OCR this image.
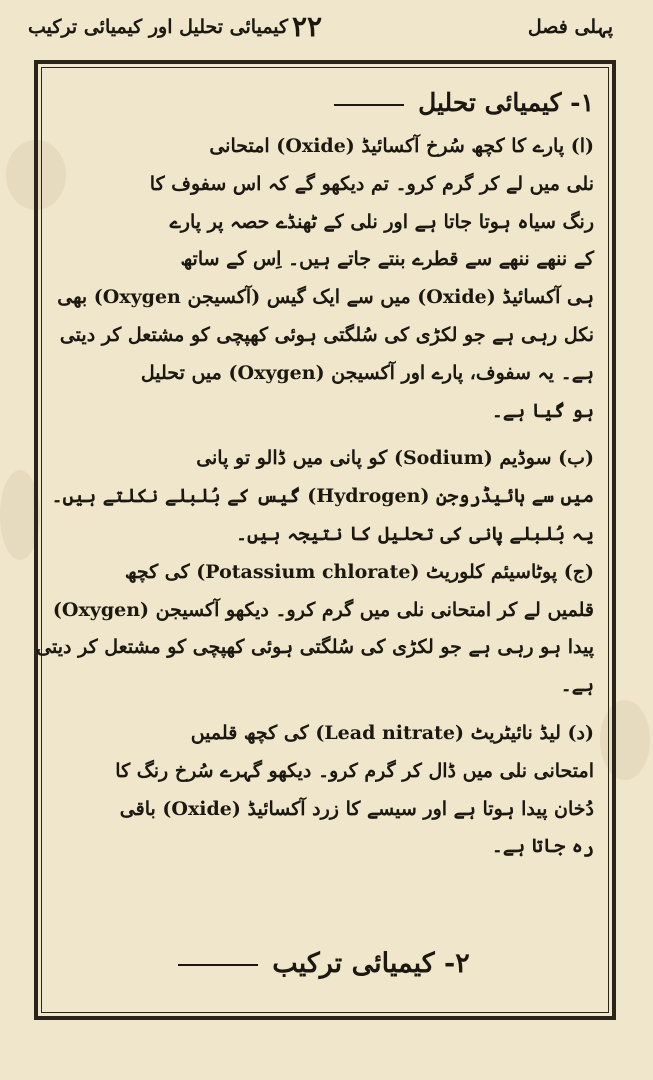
کیمیائی تحلیل اور کیمیائی ترکیب ۲۲	پہلی فصل
۱- کیمیائی تحلیل
(ا) پارے کا کچھ سُرخ آکسائیڈ (Oxide) امتحانی
نلی میں لے کر گرم کرو۔ تم دیکھو گے کہ اس سفوف کا
رنگ سیاہ ہوتا جاتا ہے اور نلی کے ٹھنڈے حصہ پر پارے
کے ننھے ننھے سے قطرے بنتے جاتے ہیں۔ اِس کے ساتھ
ہی آکسائیڈ (Oxide) میں سے ایک گیس (آکسیجن Oxygen) بھی
نکل رہی ہے جو لکڑی کی سُلگتی ہوئی کھپچی کو مشتعل کر دیتی
ہے۔ یہ سفوف، پارے اور آکسیجن (Oxygen) میں تحلیل
ہو گیا ہے۔
(ب) سوڈیم (Sodium) کو پانی میں ڈالو تو پانی
میں سے ہائیڈروجن (Hydrogen) گیس کے بُلبلے نکلتے ہیں۔
یہ بُلبلے پانی کی تحلیل کا نتیجہ ہیں۔
(ج) پوٹاسیئم کلوریٹ (Potassium chlorate) کی کچھ
قلمیں لے کر امتحانی نلی میں گرم کرو۔ دیکھو آکسیجن (Oxygen)
پیدا ہو رہی ہے جو لکڑی کی سُلگتی ہوئی کھپچی کو مشتعل کر دیتی
ہے۔
(د) لیڈ نائیٹریٹ (Lead nitrate) کی کچھ قلمیں
امتحانی نلی میں ڈال کر گرم کرو۔ دیکھو گہرے سُرخ رنگ کا
دُخان پیدا ہوتا ہے اور سیسے کا زرد آکسائیڈ (Oxide) باقی
رہ جاتا ہے۔
۲- کیمیائی ترکیب
